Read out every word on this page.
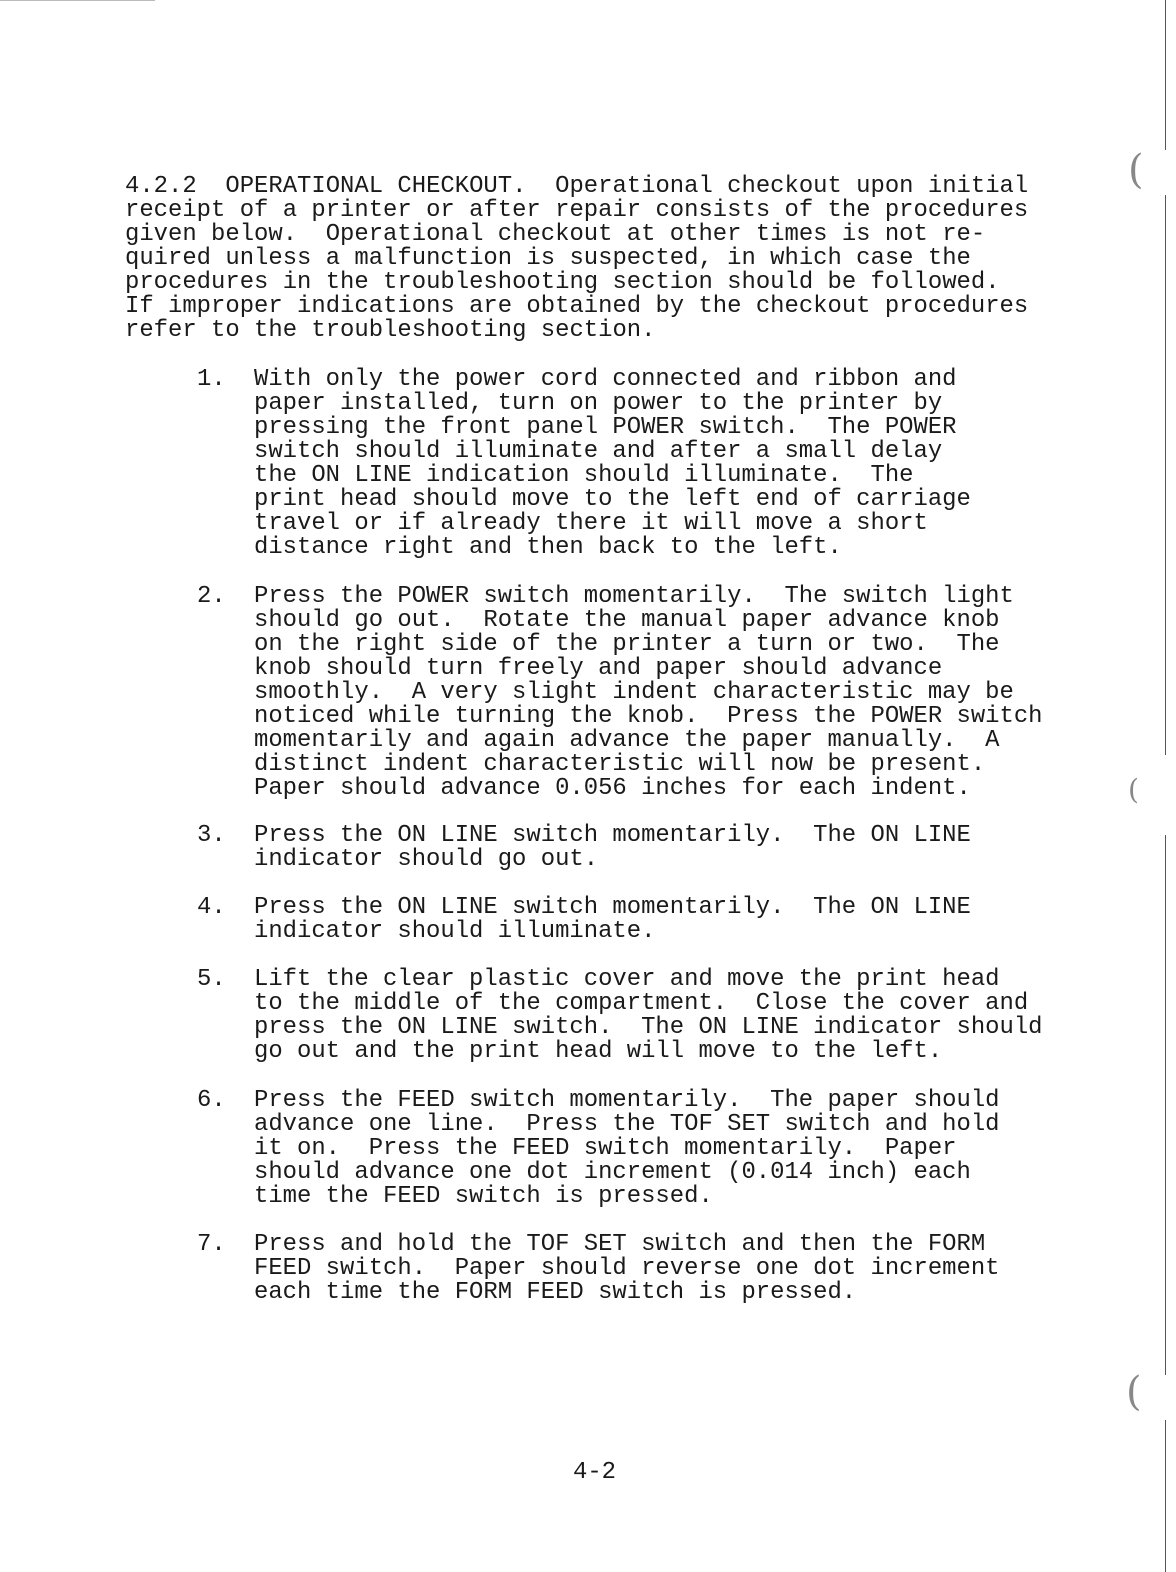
4.2.2  OPERATIONAL CHECKOUT.  Operational checkout upon initial
receipt of a printer or after repair consists of the procedures
given below.  Operational checkout at other times is not re-
quired unless a malfunction is suspected, in which case the
procedures in the troubleshooting section should be followed.
If improper indications are obtained by the checkout procedures
refer to the troubleshooting section.
1. With only the power cord connected and ribbon and
paper installed, turn on power to the printer by
pressing the front panel POWER switch.  The POWER
switch should illuminate and after a small delay
the ON LINE indication should illuminate.  The
print head should move to the left end of carriage
travel or if already there it will move a short
distance right and then back to the left.
2. Press the POWER switch momentarily.  The switch light
should go out.  Rotate the manual paper advance knob
on the right side of the printer a turn or two.  The
knob should turn freely and paper should advance
smoothly.  A very slight indent characteristic may be
noticed while turning the knob.  Press the POWER switch
momentarily and again advance the paper manually.  A
distinct indent characteristic will now be present.
Paper should advance 0.056 inches for each indent.
3. Press the ON LINE switch momentarily.  The ON LINE
indicator should go out.
4. Press the ON LINE switch momentarily.  The ON LINE
indicator should illuminate.
5. Lift the clear plastic cover and move the print head
to the middle of the compartment.  Close the cover and
press the ON LINE switch.  The ON LINE indicator should
go out and the print head will move to the left.
6. Press the FEED switch momentarily.  The paper should
advance one line.  Press the TOF SET switch and hold
it on.  Press the FEED switch momentarily.  Paper
should advance one dot increment (0.014 inch) each
time the FEED switch is pressed.
7. Press and hold the TOF SET switch and then the FORM
FEED switch.  Paper should reverse one dot increment
each time the FORM FEED switch is pressed.
4-2
(
(
(
